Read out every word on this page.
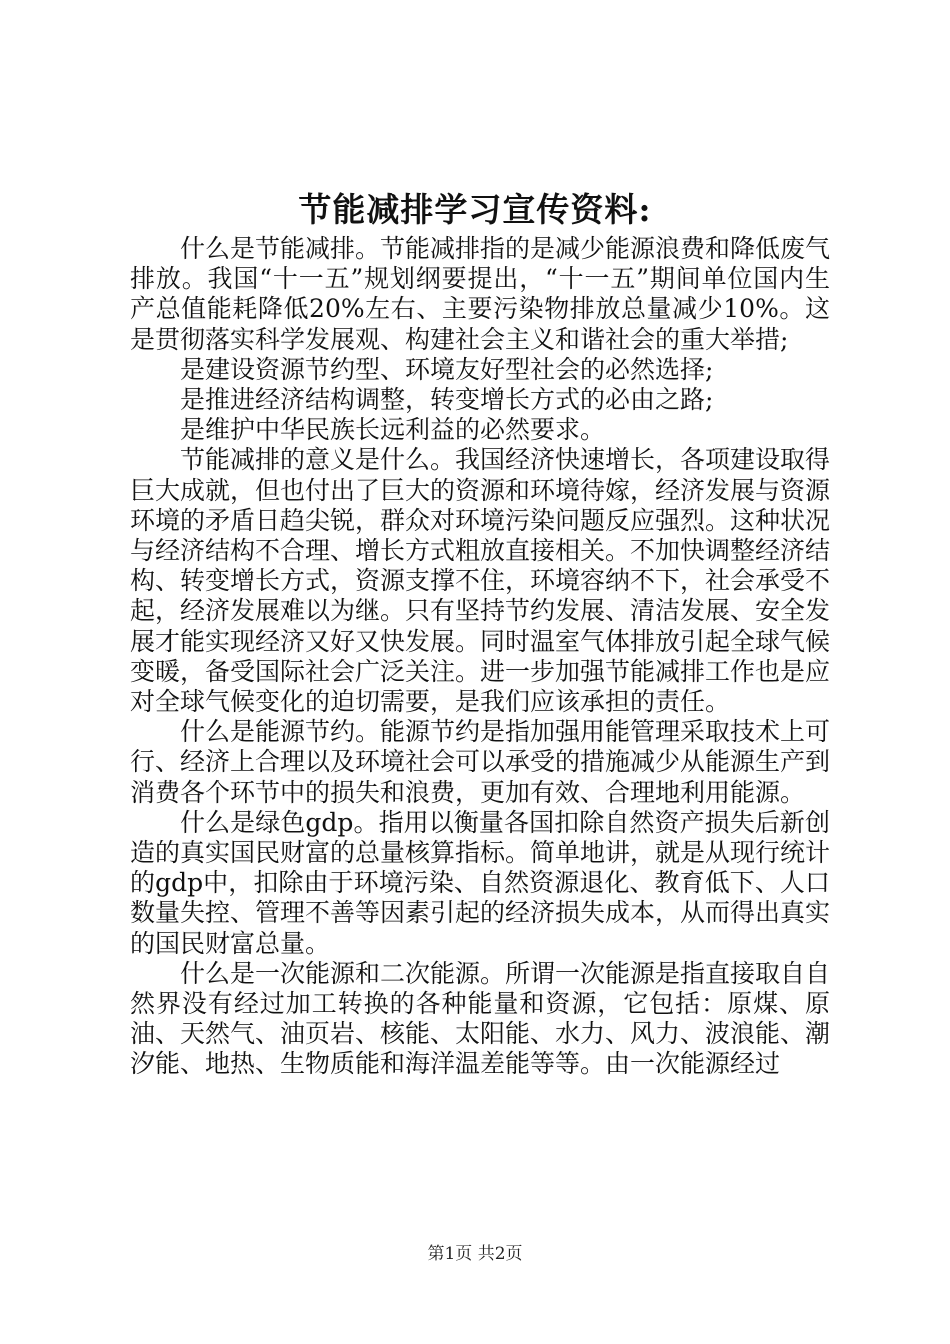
节能减排学习宣传资料:

什么是节能减排。节能减排指的是减少能源浪费和降低废气排放。我国“十一五”规划纲要提出，“十一五”期间单位国内生产总值能耗降低20%左右、主要污染物排放总量减少10%。这是贯彻落实科学发展观、构建社会主义和谐社会的重大举措;

是建设资源节约型、环境友好型社会的必然选择;

是推进经济结构调整，转变增长方式的必由之路;

是维护中华民族长远利益的必然要求。

节能减排的意义是什么。我国经济快速增长，各项建设取得巨大成就，但也付出了巨大的资源和环境待嫁，经济发展与资源环境的矛盾日趋尖锐，群众对环境污染问题反应强烈。这种状况与经济结构不合理、增长方式粗放直接相关。不加快调整经济结构、转变增长方式，资源支撑不住，环境容纳不下，社会承受不起，经济发展难以为继。只有坚持节约发展、清洁发展、安全发展才能实现经济又好又快发展。同时温室气体排放引起全球气候变暖，备受国际社会广泛关注。进一步加强节能减排工作也是应对全球气候变化的迫切需要，是我们应该承担的责任。

什么是能源节约。能源节约是指加强用能管理采取技术上可行、经济上合理以及环境社会可以承受的措施减少从能源生产到消费各个环节中的损失和浪费，更加有效、合理地利用能源。

什么是绿色gdp。指用以衡量各国扣除自然资产损失后新创造的真实国民财富的总量核算指标。简单地讲，就是从现行统计的gdp中，扣除由于环境污染、自然资源退化、教育低下、人口数量失控、管理不善等因素引起的经济损失成本，从而得出真实的国民财富总量。

什么是一次能源和二次能源。所谓一次能源是指直接取自自然界没有经过加工转换的各种能量和资源，它包括：原煤、原油、天然气、油页岩、核能、太阳能、水力、风力、波浪能、潮汐能、地热、生物质能和海洋温差能等等。由一次能源经过

第1页 共2页
